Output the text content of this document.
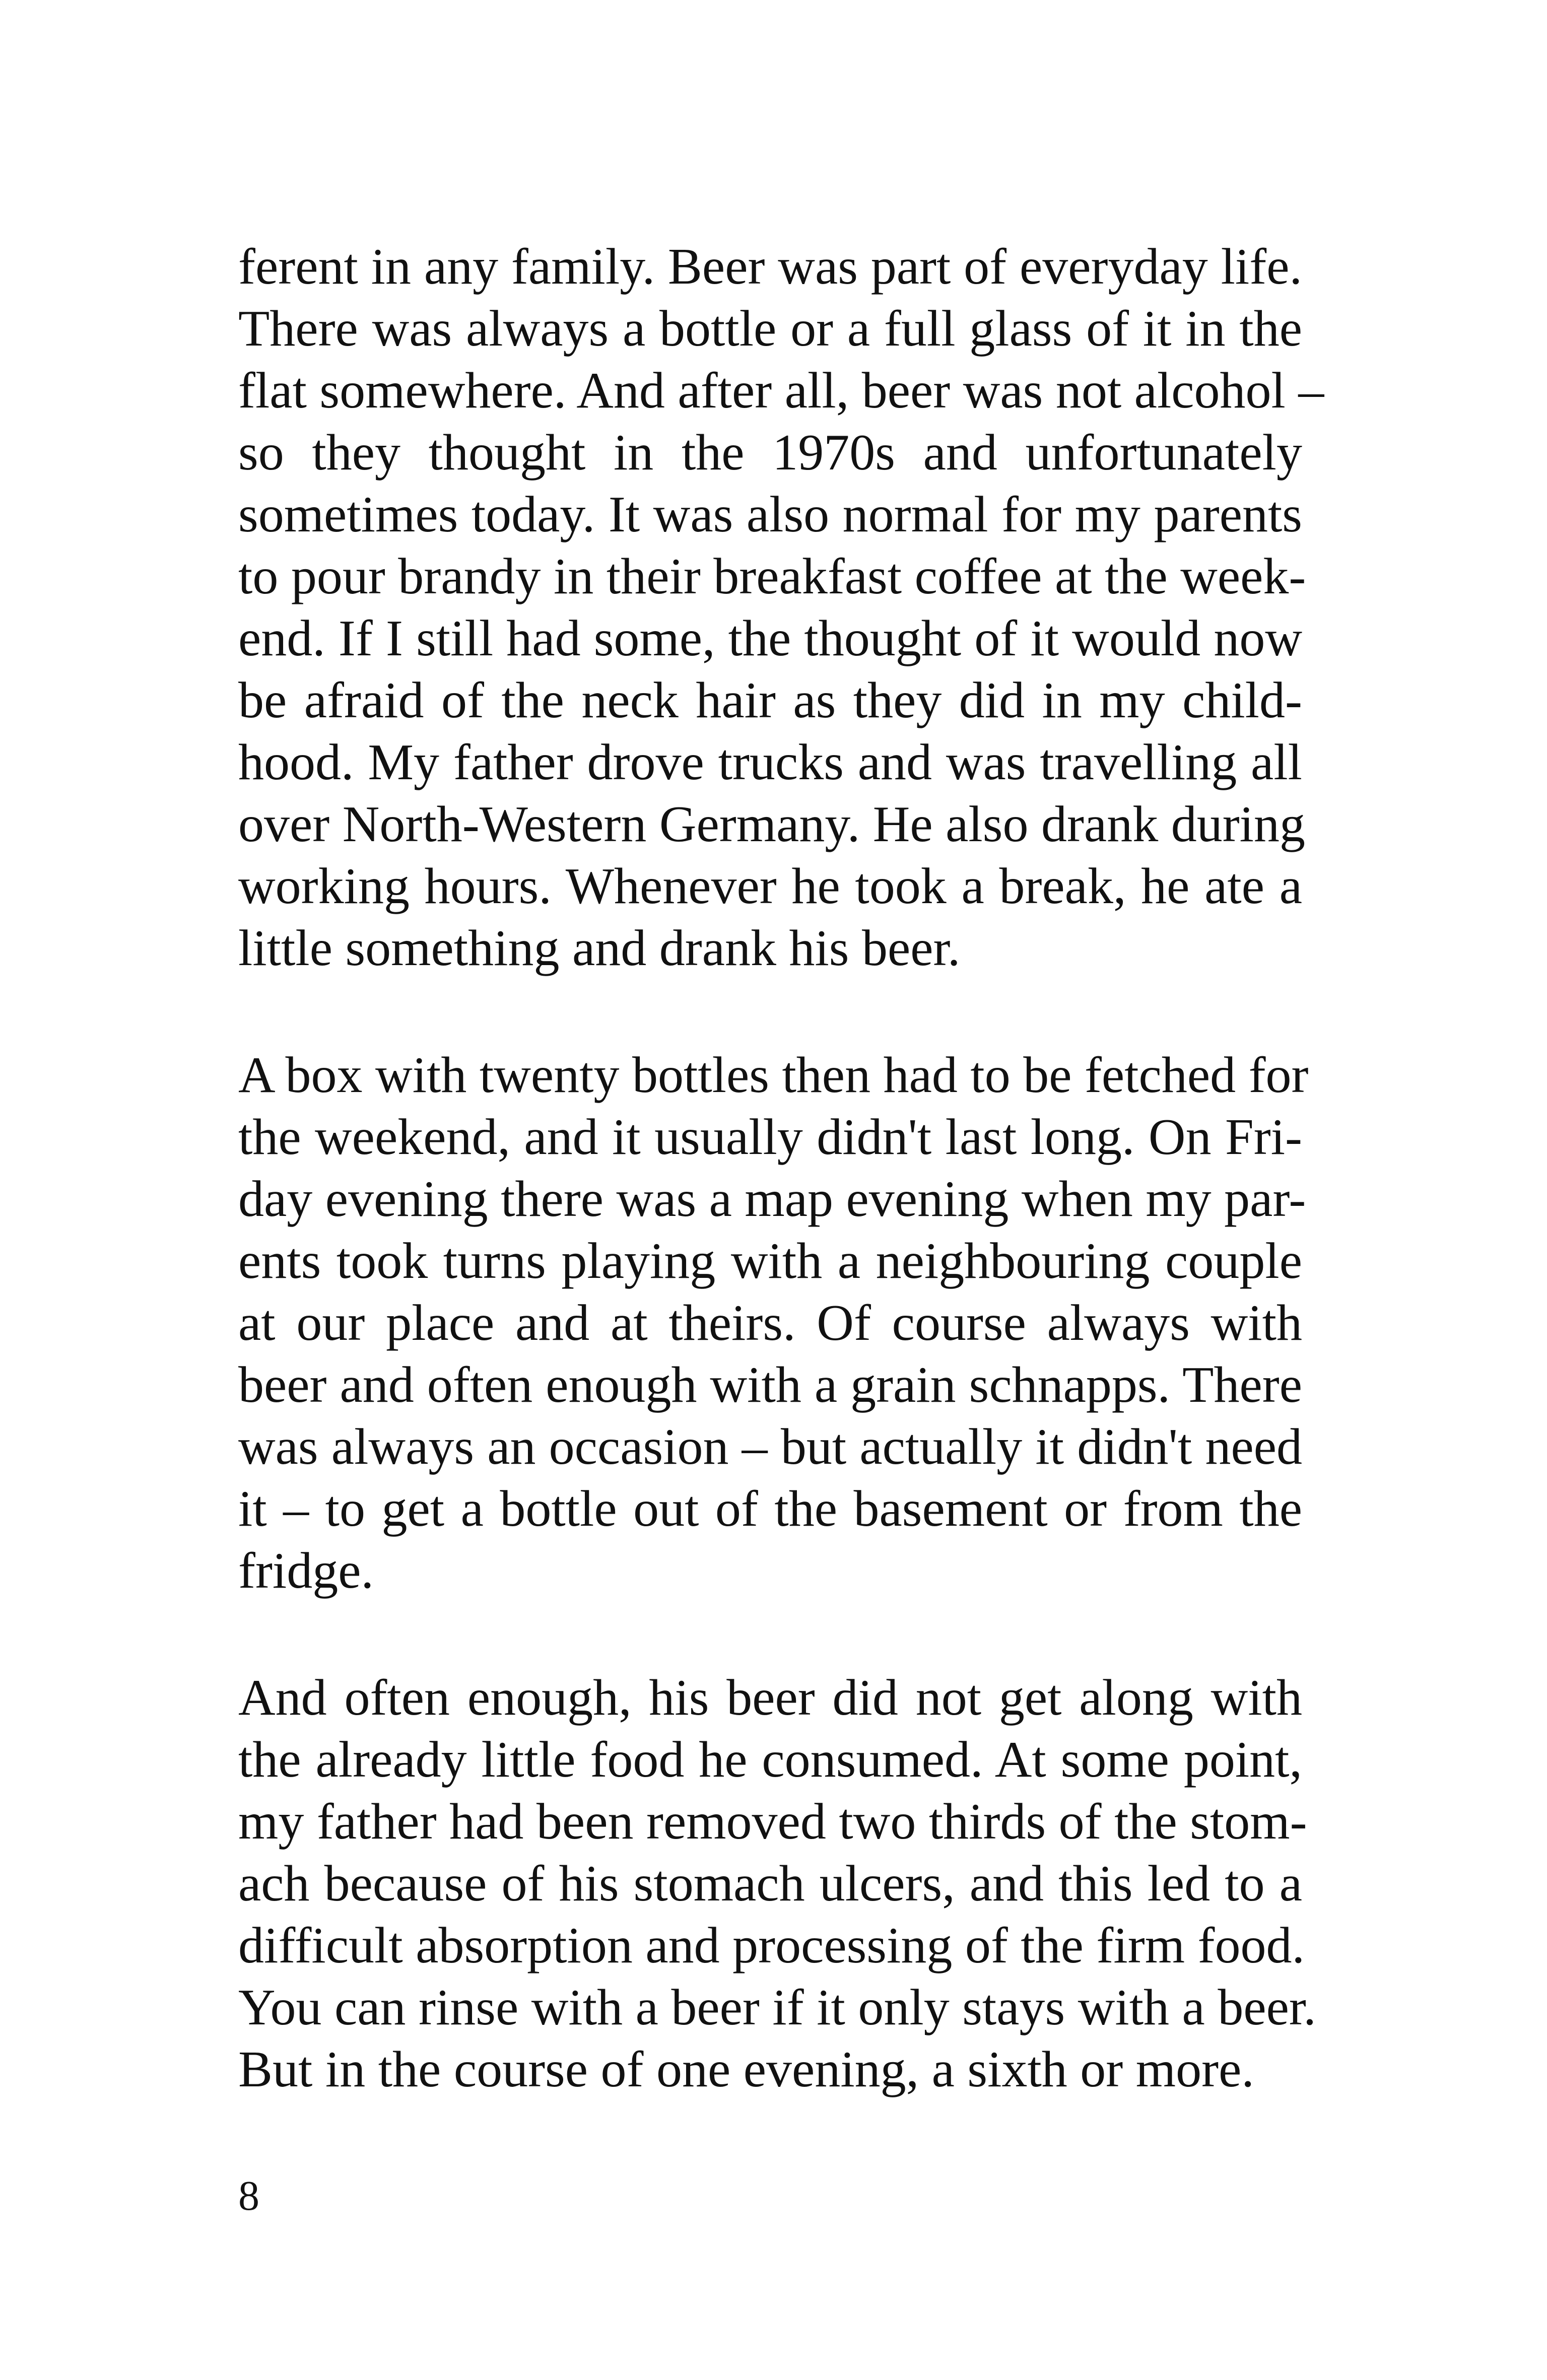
ferent in any family. Beer was part of everyday life.
There was always a bottle or a full glass of it in the
flat somewhere. And after all, beer was not alcohol –
so they thought in the 1970s and unfortunately
sometimes today. It was also normal for my parents
to pour brandy in their breakfast coffee at the week-
end. If I still had some, the thought of it would now
be afraid of the neck hair as they did in my child-
hood. My father drove trucks and was travelling all
over North-Western Germany. He also drank during
working hours. Whenever he took a break, he ate a
little something and drank his beer.
A box with twenty bottles then had to be fetched for
the weekend, and it usually didn't last long. On Fri-
day evening there was a map evening when my par-
ents took turns playing with a neighbouring couple
at our place and at theirs. Of course always with
beer and often enough with a grain schnapps. There
was always an occasion – but actually it didn't need
it – to get a bottle out of the basement or from the
fridge.
And often enough, his beer did not get along with
the already little food he consumed. At some point,
my father had been removed two thirds of the stom-
ach because of his stomach ulcers, and this led to a
difficult absorption and processing of the firm food.
You can rinse with a beer if it only stays with a beer.
But in the course of one evening, a sixth or more.
8
